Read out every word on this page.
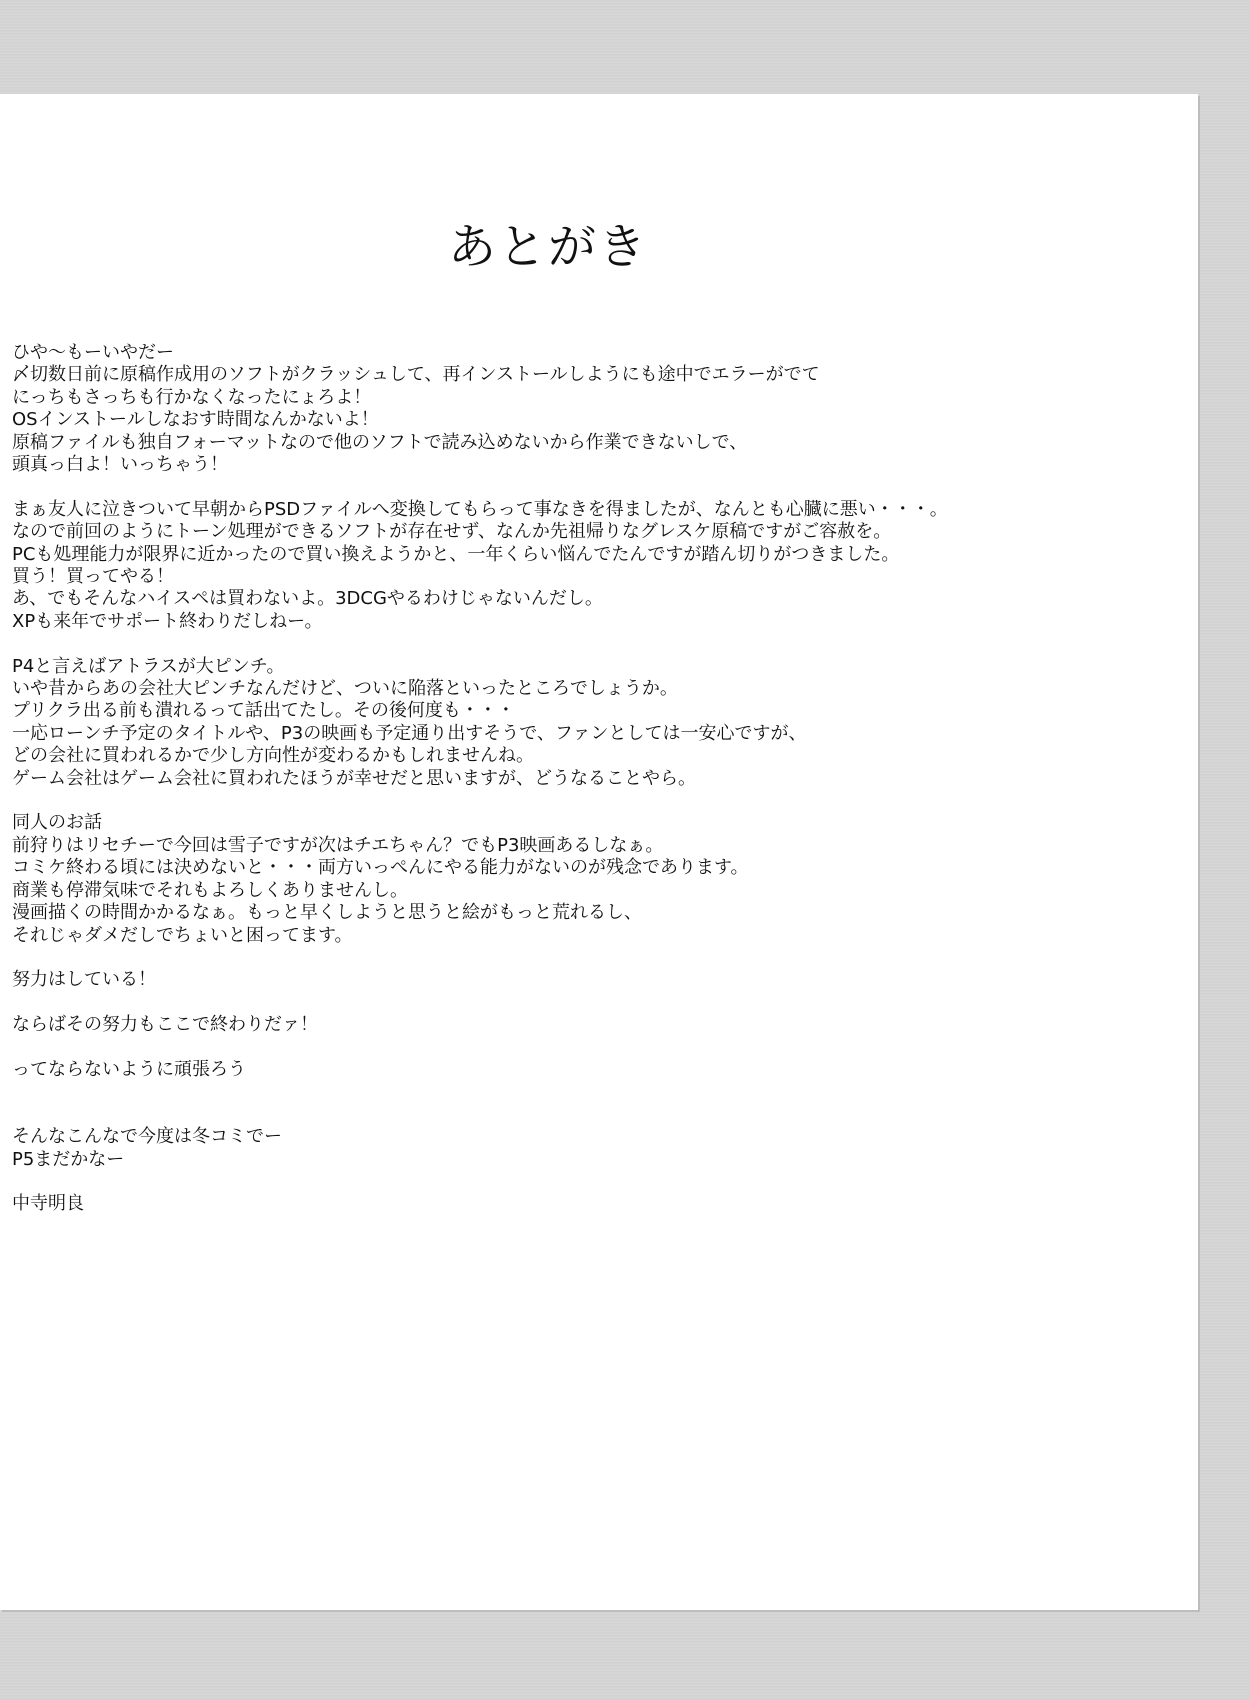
あとがき

ひや～もーいやだー
〆切数日前に原稿作成用のソフトがクラッシュして、再インストールしようにも途中でエラーがでて
にっちもさっちも行かなくなったにょろよ！
OSインストールしなおす時間なんかないよ！
原稿ファイルも独自フォーマットなので他のソフトで読み込めないから作業できないしで、
頭真っ白よ！いっちゃう！

まぁ友人に泣きついて早朝からPSDファイルへ変換してもらって事なきを得ましたが、なんとも心臓に悪い・・・。
なので前回のようにトーン処理ができるソフトが存在せず、なんか先祖帰りなグレスケ原稿ですがご容赦を。
PCも処理能力が限界に近かったので買い換えようかと、一年くらい悩んでたんですが踏ん切りがつきました。
買う！買ってやる！
あ、でもそんなハイスペは買わないよ。3DCGやるわけじゃないんだし。
XPも来年でサポート終わりだしねー。

P4と言えばアトラスが大ピンチ。
いや昔からあの会社大ピンチなんだけど、ついに陥落といったところでしょうか。
プリクラ出る前も潰れるって話出てたし。その後何度も・・・
一応ローンチ予定のタイトルや、P3の映画も予定通り出すそうで、ファンとしては一安心ですが、
どの会社に買われるかで少し方向性が変わるかもしれませんね。
ゲーム会社はゲーム会社に買われたほうが幸せだと思いますが、どうなることやら。

同人のお話
前狩りはリセチーで今回は雪子ですが次はチエちゃん？でもP3映画あるしなぁ。
コミケ終わる頃には決めないと・・・両方いっぺんにやる能力がないのが残念であります。
商業も停滞気味でそれもよろしくありませんし。
漫画描くの時間かかるなぁ。もっと早くしようと思うと絵がもっと荒れるし、
それじゃダメだしでちょいと困ってます。

努力はしている！

ならばその努力もここで終わりだァ！

ってならないように頑張ろう

そんなこんなで今度は冬コミでー
P5まだかなー

中寺明良
